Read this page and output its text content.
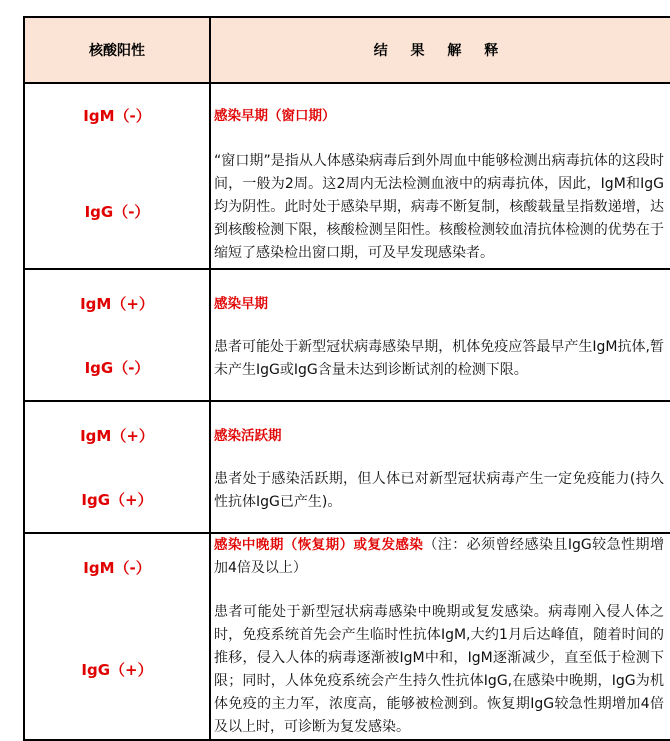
核酸阳性	结 果 解 释
IgM（-）
IgG（-）
感染早期（窗口期）
“窗口期”是指从人体感染病毒后到外周血中能够检测出病毒抗体的这段时间，一般为2周。这2周内无法检测血液中的病毒抗体，因此，IgM和IgG均为阴性。此时处于感染早期，病毒不断复制，核酸载量呈指数递增，达到核酸检测下限，核酸检测呈阳性。核酸检测较血清抗体检测的优势在于缩短了感染检出窗口期，可及早发现感染者。
IgM（+）
IgG（-）
感染早期
患者可能处于新型冠状病毒感染早期，机体免疫应答最早产生IgM抗体,暂未产生IgG或IgG含量未达到诊断试剂的检测下限。
IgM（+）
IgG（+）
感染活跃期
患者处于感染活跃期，但人体已对新型冠状病毒产生一定免疫能力(持久性抗体IgG已产生)。
IgM（-）
IgG（+）
感染中晚期（恢复期）或复发感染（注：必须曾经感染且IgG较急性期增加4倍及以上）
患者可能处于新型冠状病毒感染中晚期或复发感染。病毒刚入侵人体之时，免疫系统首先会产生临时性抗体IgM,大约1月后达峰值，随着时间的推移，侵入人体的病毒逐渐被IgM中和，IgM逐渐减少，直至低于检测下限；同时，人体免疫系统会产生持久性抗体IgG,在感染中晚期，IgG为机体免疫的主力军，浓度高，能够被检测到。恢复期IgG较急性期增加4倍及以上时，可诊断为复发感染。
